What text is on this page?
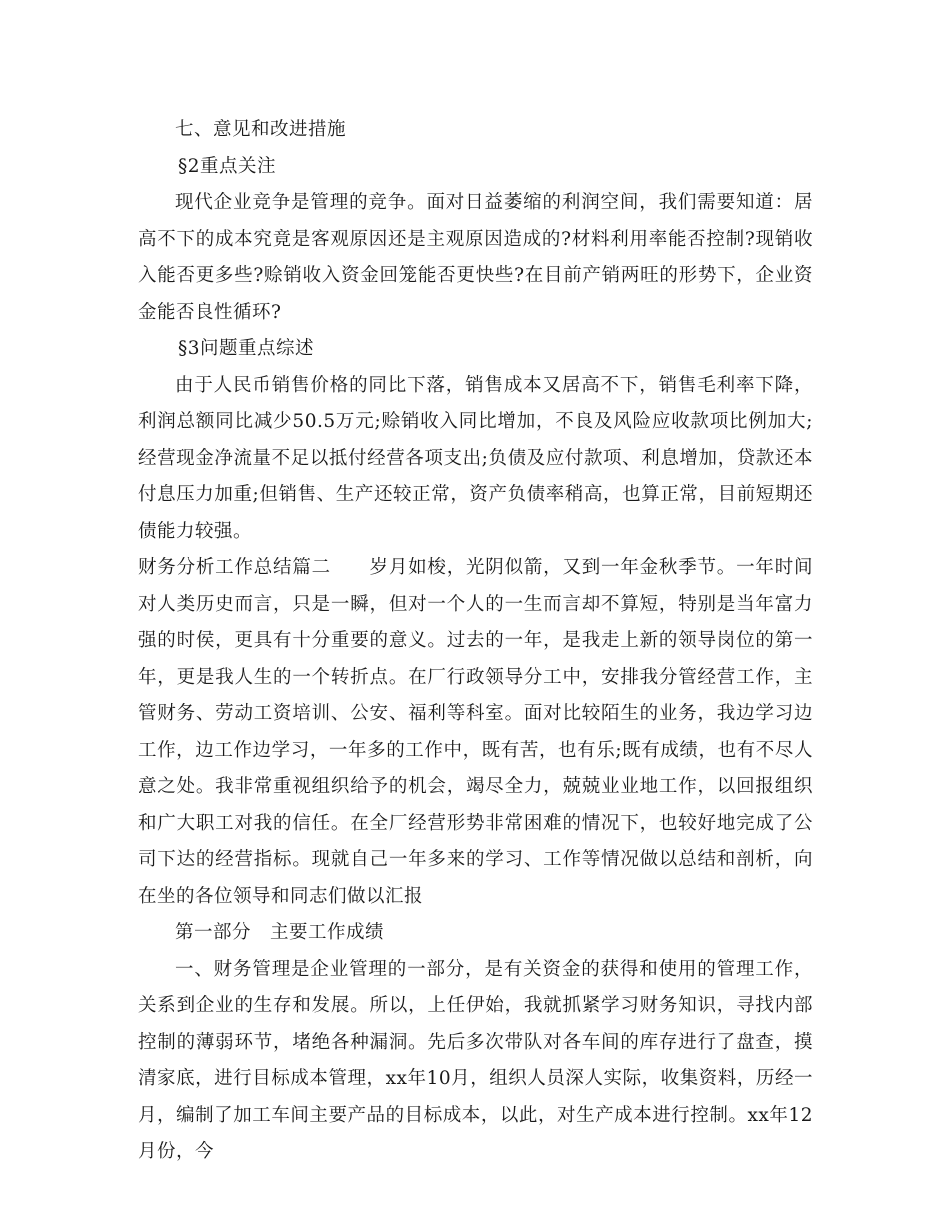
七、意见和改进措施

§2重点关注

现代企业竞争是管理的竞争。面对日益萎缩的利润空间，我们需要知道：居高不下的成本究竟是客观原因还是主观原因造成的?材料利用率能否控制?现销收入能否更多些?赊销收入资金回笼能否更快些?在目前产销两旺的形势下，企业资金能否良性循环?

§3问题重点综述

由于人民币销售价格的同比下落，销售成本又居高不下，销售毛利率下降，利润总额同比减少50.5万元;赊销收入同比增加，不良及风险应收款项比例加大;经营现金净流量不足以抵付经营各项支出;负债及应付款项、利息增加，贷款还本付息压力加重;但销售、生产还较正常，资产负债率稍高，也算正常，目前短期还债能力较强。

财务分析工作总结篇二　　岁月如梭，光阴似箭，又到一年金秋季节。一年时间对人类历史而言，只是一瞬，但对一个人的一生而言却不算短，特别是当年富力强的时侯，更具有十分重要的意义。过去的一年，是我走上新的领导岗位的第一年，更是我人生的一个转折点。在厂行政领导分工中，安排我分管经营工作，主管财务、劳动工资培训、公安、福利等科室。面对比较陌生的业务，我边学习边工作，边工作边学习，一年多的工作中，既有苦，也有乐;既有成绩，也有不尽人意之处。我非常重视组织给予的机会，竭尽全力，兢兢业业地工作，以回报组织和广大职工对我的信任。在全厂经营形势非常困难的情况下，也较好地完成了公司下达的经营指标。现就自己一年多来的学习、工作等情况做以总结和剖析，向在坐的各位领导和同志们做以汇报

第一部分　主要工作成绩

一、财务管理是企业管理的一部分，是有关资金的获得和使用的管理工作，关系到企业的生存和发展。所以，上任伊始，我就抓紧学习财务知识，寻找内部控制的薄弱环节，堵绝各种漏洞。先后多次带队对各车间的库存进行了盘查，摸清家底，进行目标成本管理，xx年10月，组织人员深人实际，收集资料，历经一月，编制了加工车间主要产品的目标成本，以此，对生产成本进行控制。xx年12月份，今
